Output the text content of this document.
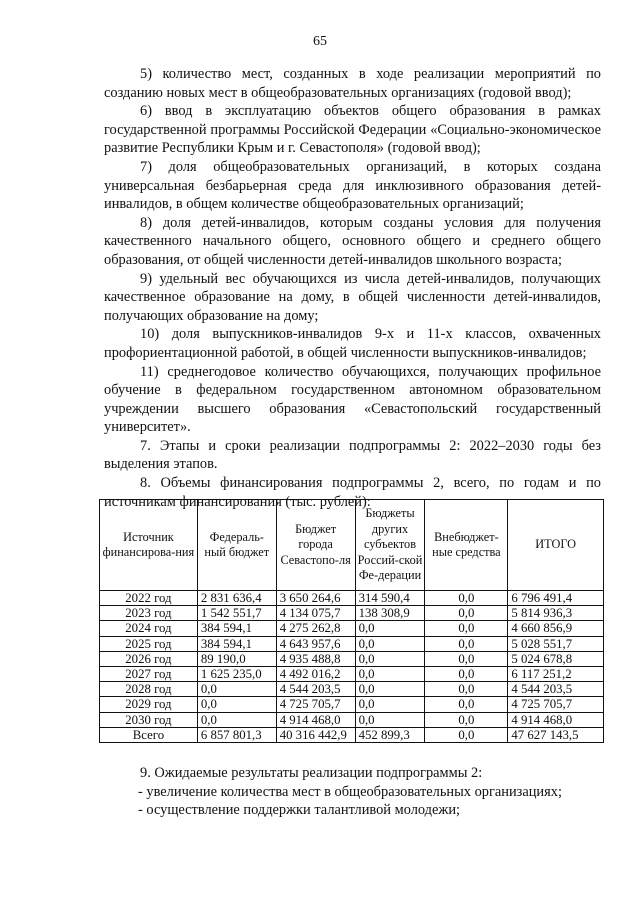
65

5) количество мест, созданных в ходе реализации мероприятий по созданию новых мест в общеобразовательных организациях (годовой ввод);

6) ввод в эксплуатацию объектов общего образования в рамках государственной программы Российской Федерации «Социально-экономическое развитие Республики Крым и г. Севастополя» (годовой ввод);

7) доля общеобразовательных организаций, в которых создана универсальная безбарьерная среда для инклюзивного образования детей-инвалидов, в общем количестве общеобразовательных организаций;

8) доля детей-инвалидов, которым созданы условия для получения качественного начального общего, основного общего и среднего общего образования, от общей численности детей-инвалидов школьного возраста;

9) удельный вес обучающихся из числа детей-инвалидов, получающих качественное образование на дому, в общей численности детей-инвалидов, получающих образование на дому;

10) доля выпускников-инвалидов 9-х и 11-х классов, охваченных профориентационной работой, в общей численности выпускников-инвалидов;

11) среднегодовое количество обучающихся, получающих профильное обучение в федеральном государственном автономном образовательном учреждении высшего образования «Севастопольский государственный университет».

7. Этапы и сроки реализации подпрограммы 2: 2022–2030 годы без выделения этапов.

8. Объемы финансирования подпрограммы 2, всего, по годам и по источникам финансирования (тыс. рублей):

Источник финансирова-ния	Федераль-ный бюджет	Бюджет города Севастопо-ля	Бюджеты других субъектов Россий-ской Фе-дерации	Внебюджет-ные средства	ИТОГО
2022 год	2 831 636,4	3 650 264,6	314 590,4	0,0	6 796 491,4
2023 год	1 542 551,7	4 134 075,7	138 308,9	0,0	5 814 936,3
2024 год	384 594,1	4 275 262,8	0,0	0,0	4 660 856,9
2025 год	384 594,1	4 643 957,6	0,0	0,0	5 028 551,7
2026 год	89 190,0	4 935 488,8	0,0	0,0	5 024 678,8
2027 год	1 625 235,0	4 492 016,2	0,0	0,0	6 117 251,2
2028 год	0,0	4 544 203,5	0,0	0,0	4 544 203,5
2029 год	0,0	4 725 705,7	0,0	0,0	4 725 705,7
2030 год	0,0	4 914 468,0	0,0	0,0	4 914 468,0
Всего	6 857 801,3	40 316 442,9	452 899,3	0,0	47 627 143,5

9. Ожидаемые результаты реализации подпрограммы 2:

- увеличение количества мест в общеобразовательных организациях;

- осуществление поддержки талантливой молодежи;
